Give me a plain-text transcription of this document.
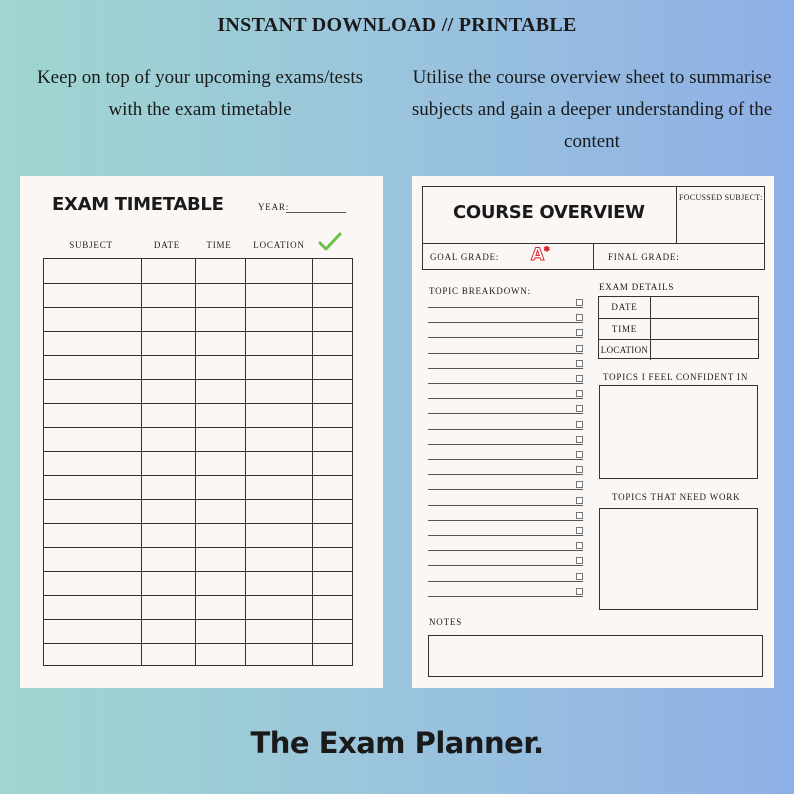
INSTANT DOWNLOAD // PRINTABLE
Keep on top of your upcoming exams/tests with the exam timetable
Utilise the course overview sheet to summarise subjects and gain a deeper understanding of the content
EXAM TIMETABLE	YEAR:
SUBJECT	DATE	TIME	LOCATION
COURSE OVERVIEW
FOCUSSED SUBJECT:
GOAL GRADE: A*
FINAL GRADE:
TOPIC BREAKDOWN:	EXAM DETAILS
DATE
TIME
LOCATION
TOPICS I FEEL CONFIDENT IN
TOPICS THAT NEED WORK
NOTES
The Exam Planner.
